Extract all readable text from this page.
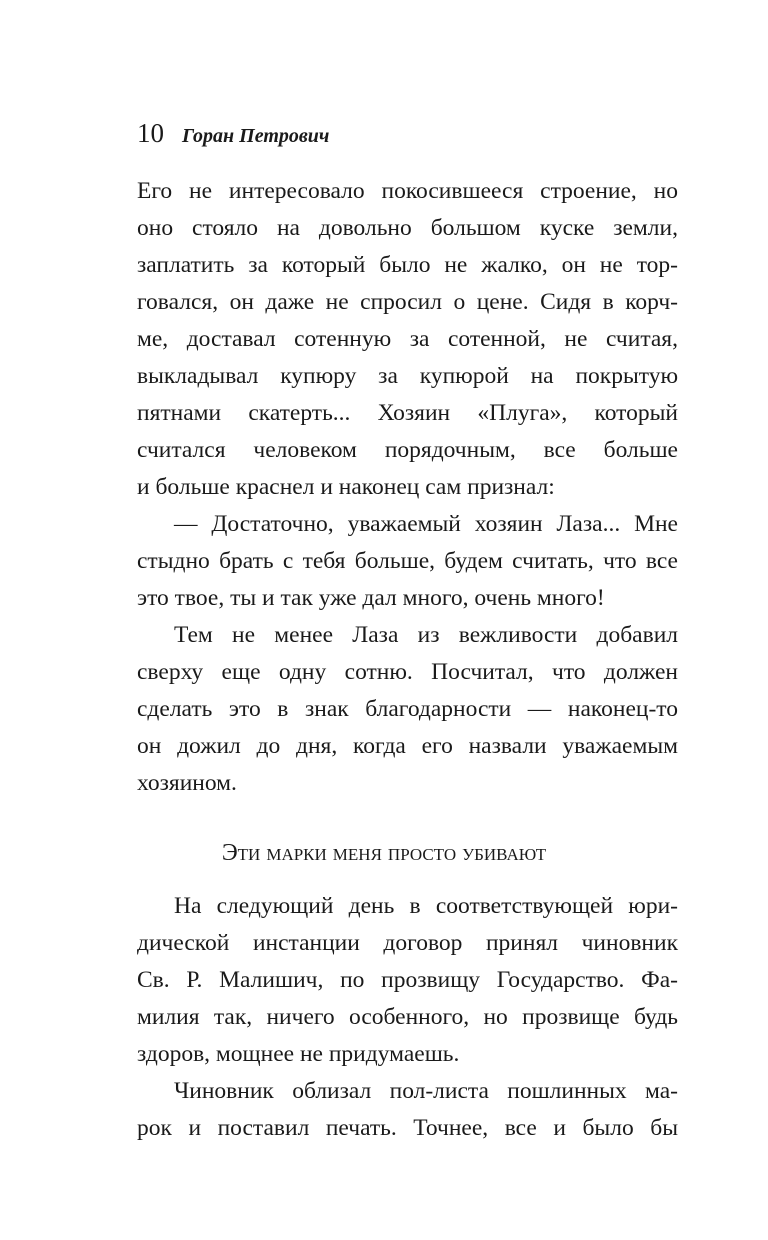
10 Горан Петрович
Его не интересовало покосившееся строение, но
оно стояло на довольно большом куске земли,
заплатить за который было не жалко, он не тор-
говался, он даже не спросил о цене. Сидя в корч-
ме, доставал сотенную за сотенной, не считая,
выкладывал купюру за купюрой на покрытую
пятнами скатерть... Хозяин «Плуга», который
считался человеком порядочным, все больше
и больше краснел и наконец сам признал:
— Достаточно, уважаемый хозяин Лаза... Мне
стыдно брать с тебя больше, будем считать, что все
это твое, ты и так уже дал много, очень много!
Тем не менее Лаза из вежливости добавил
сверху еще одну сотню. Посчитал, что должен
сделать это в знак благодарности — наконец-то
он дожил до дня, когда его назвали уважаемым
хозяином.
Эти марки меня просто убивают
На следующий день в соответствующей юри-
дической инстанции договор принял чиновник
Св. Р. Малишич, по прозвищу Государство. Фа-
милия так, ничего особенного, но прозвище будь
здоров, мощнее не придумаешь.
Чиновник облизал пол-листа пошлинных ма-
рок и поставил печать. Точнее, все и было бы
